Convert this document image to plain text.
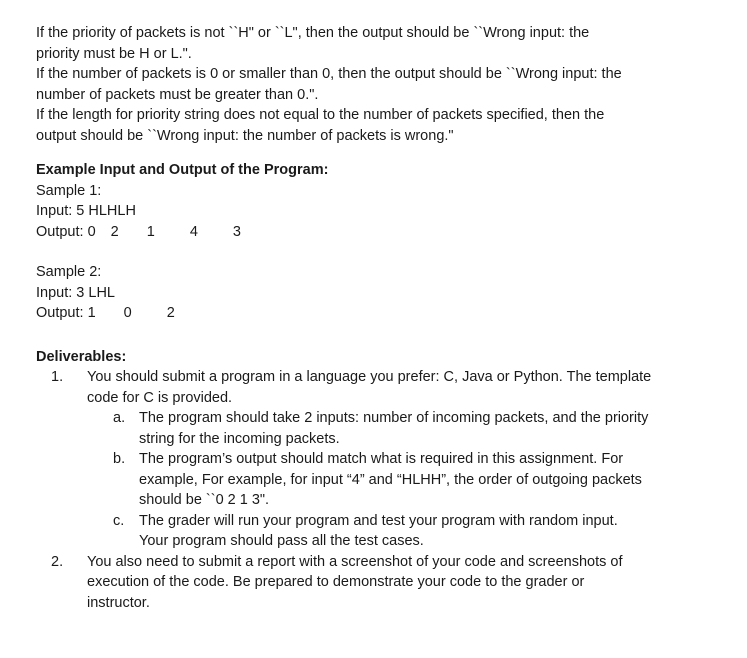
If the priority of packets is not ``H" or ``L", then the output should be ``Wrong input: the

priority must be H or L.".

If the number of packets is 0 or smaller than 0, then the output should be ``Wrong input: the

number of packets must be greater than 0.".

If the length for priority string does not equal to the number of packets specified, then the

output should be ``Wrong input: the number of packets is wrong."

Example Input and Output of the Program:

Sample 1:

Input: 5 HLHLH

Output: 0 2 1 4 3

Sample 2:

Input: 3 LHL

Output: 1 0 2

Deliverables:

1.	You should submit a program in a language you prefer: C, Java or Python. The template

code for C is provided.

a. The program should take 2 inputs: number of incoming packets, and the priority

string for the incoming packets.

b. The program’s output should match what is required in this assignment. For

example, For example, for input “4” and “HLHH”, the order of outgoing packets

should be ``0 2 1 3".

c.	The grader will run your program and test your program with random input.

Your program should pass all the test cases.

2.	You also need to submit a report with a screenshot of your code and screenshots of

execution of the code. Be prepared to demonstrate your code to the grader or

instructor.
